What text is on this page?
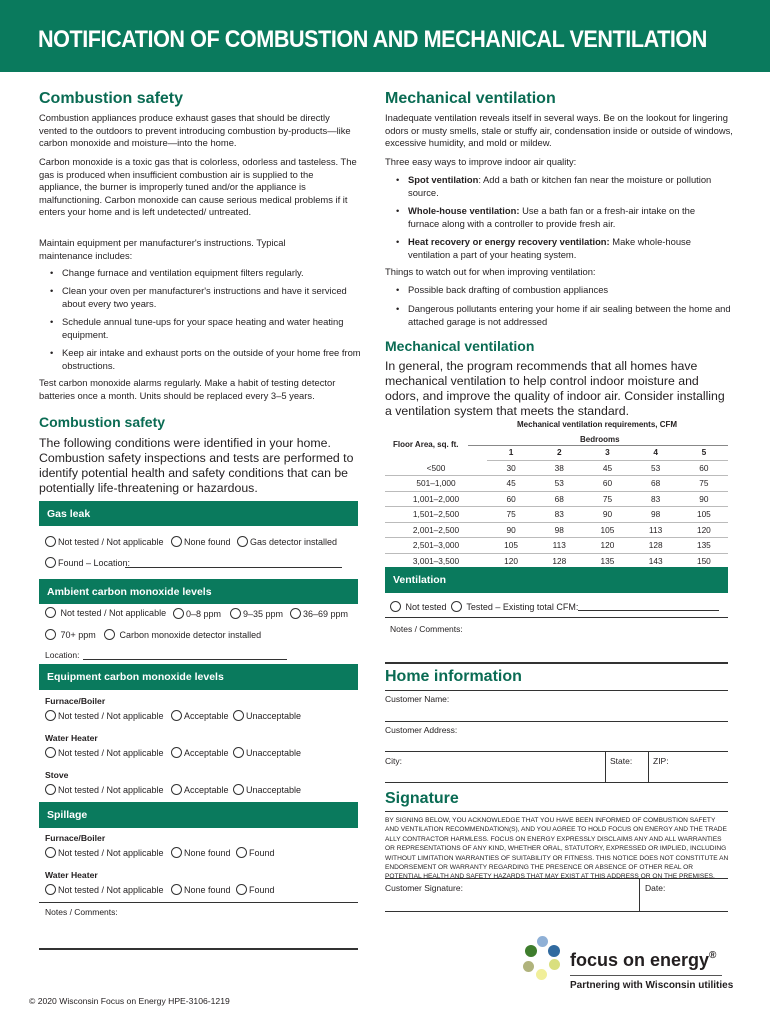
NOTIFICATION OF COMBUSTION AND MECHANICAL VENTILATION
Combustion safety
Combustion appliances produce exhaust gases that should be directly vented to the outdoors to prevent introducing combustion by-products—like carbon monoxide and moisture—into the home.
Carbon monoxide is a toxic gas that is colorless, odorless and tasteless. The gas is produced when insufficient combustion air is supplied to the appliance, the burner is improperly tuned and/or the appliance is malfunctioning. Carbon monoxide can cause serious medical problems if it enters your home and is left undetected/ untreated.
Maintain equipment per manufacturer's instructions. Typical maintenance includes:
• Change furnace and ventilation equipment filters regularly.
• Clean your oven per manufacturer's instructions and have it serviced about every two years.
• Schedule annual tune-ups for your space heating and water heating equipment.
• Keep air intake and exhaust ports on the outside of your home free from obstructions.
Test carbon monoxide alarms regularly. Make a habit of testing detector batteries once a month. Units should be replaced every 3–5 years.
Combustion safety
The following conditions were identified in your home. Combustion safety inspections and tests are performed to identify potential health and safety conditions that can be potentially life-threatening or hazardous.
Gas leak
Not tested / Not applicable	None found	Gas detector installed
Found – Location:
Ambient carbon monoxide levels
Not tested / Not applicable	0–8 ppm	9–35 ppm	36–69 ppm
70+ ppm	Carbon monoxide detector installed
Location:
Equipment carbon monoxide levels
Furnace/Boiler
Not tested / Not applicable	Acceptable	Unacceptable
Water Heater
Not tested / Not applicable	Acceptable	Unacceptable
Stove
Not tested / Not applicable	Acceptable	Unacceptable
Spillage
Furnace/Boiler
Not tested / Not applicable	None found	Found
Water Heater
Not tested / Not applicable	None found	Found
Notes / Comments:
© 2020 Wisconsin Focus on Energy HPE-3106-1219
Mechanical ventilation
Inadequate ventilation reveals itself in several ways. Be on the lookout for lingering odors or musty smells, stale or stuffy air, condensation inside or outside of windows, excessive humidity, and mold or mildew.
Three easy ways to improve indoor air quality:
• Spot ventilation: Add a bath or kitchen fan near the moisture or pollution source.
• Whole-house ventilation: Use a bath fan or a fresh-air intake on the furnace along with a controller to provide fresh air.
• Heat recovery or energy recovery ventilation: Make whole-house ventilation a part of your heating system.
Things to watch out for when improving ventilation:
• Possible back drafting of combustion appliances
• Dangerous pollutants entering your home if air sealing between the home and attached garage is not addressed
Mechanical ventilation
In general, the program recommends that all homes have mechanical ventilation to help control indoor moisture and odors, and improve the quality of indoor air. Consider installing a ventilation system that meets the standard.
Mechanical ventilation requirements, CFM
Floor Area, sq. ft.
Bedrooms
	1	2	3	4	5
<500	30	38	45	53	60
501–1,000	45	53	60	68	75
1,001–2,000	60	68	75	83	90
1,501–2,500	75	83	90	98	105
2,001–2,500	90	98	105	113	120
2,501–3,000	105	113	120	128	135
3,001–3,500	120	128	135	143	150
Ventilation
Not tested	Tested – Existing total CFM:
Notes / Comments:
Home information
Customer Name:
Customer Address:
City:	State: ZIP:
Signature
BY SIGNING BELOW, YOU ACKNOWLEDGE THAT YOU HAVE BEEN INFORMED OF COMBUSTION SAFETY AND VENTILATION RECOMMENDATION(S), AND YOU AGREE TO HOLD FOCUS ON ENERGY AND THE TRADE ALLY CONTRACTOR HARMLESS. FOCUS ON ENERGY EXPRESSLY DISCLAIMS ANY AND ALL WARRANTIES OR REPRESENTATIONS OF ANY KIND, WHETHER ORAL, STATUTORY, EXPRESSED OR IMPLIED, INCLUDING WITHOUT LIMITATION WARRANTIES OF SUITABILITY OR FITNESS. THIS NOTICE DOES NOT CONSTITUTE AN ENDORSEMENT OR WARRANTY REGARDING THE PRESENCE OR ABSENCE OF OTHER REAL OR POTENTIAL HEALTH AND SAFETY HAZARDS THAT MAY EXIST AT THIS ADDRESS OR ON THE PREMISES.
Customer Signature:	Date:
focus on energy®
Partnering with Wisconsin utilities
